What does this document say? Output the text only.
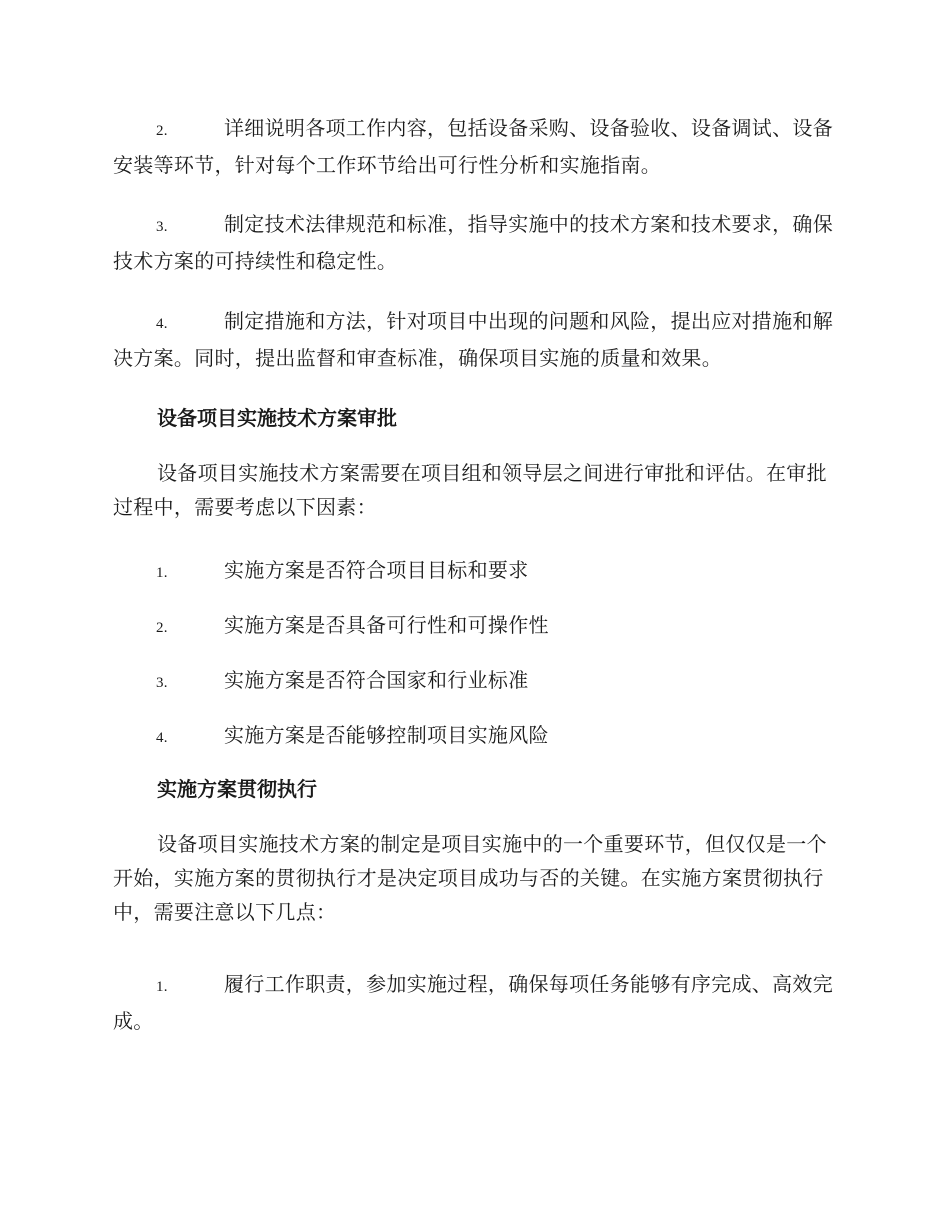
2.	详细说明各项工作内容，包括设备采购、设备验收、设备调试、设备安装等环节，针对每个工作环节给出可行性分析和实施指南。
3.	制定技术法律规范和标准，指导实施中的技术方案和技术要求，确保技术方案的可持续性和稳定性。
4.	制定措施和方法，针对项目中出现的问题和风险，提出应对措施和解决方案。同时，提出监督和审查标准，确保项目实施的质量和效果。
设备项目实施技术方案审批
设备项目实施技术方案需要在项目组和领导层之间进行审批和评估。在审批过程中，需要考虑以下因素：
1.	实施方案是否符合项目目标和要求
2.	实施方案是否具备可行性和可操作性
3.	实施方案是否符合国家和行业标准
4.	实施方案是否能够控制项目实施风险
实施方案贯彻执行
设备项目实施技术方案的制定是项目实施中的一个重要环节，但仅仅是一个开始，实施方案的贯彻执行才是决定项目成功与否的关键。在实施方案贯彻执行中，需要注意以下几点：
1.	履行工作职责，参加实施过程，确保每项任务能够有序完成、高效完成。
